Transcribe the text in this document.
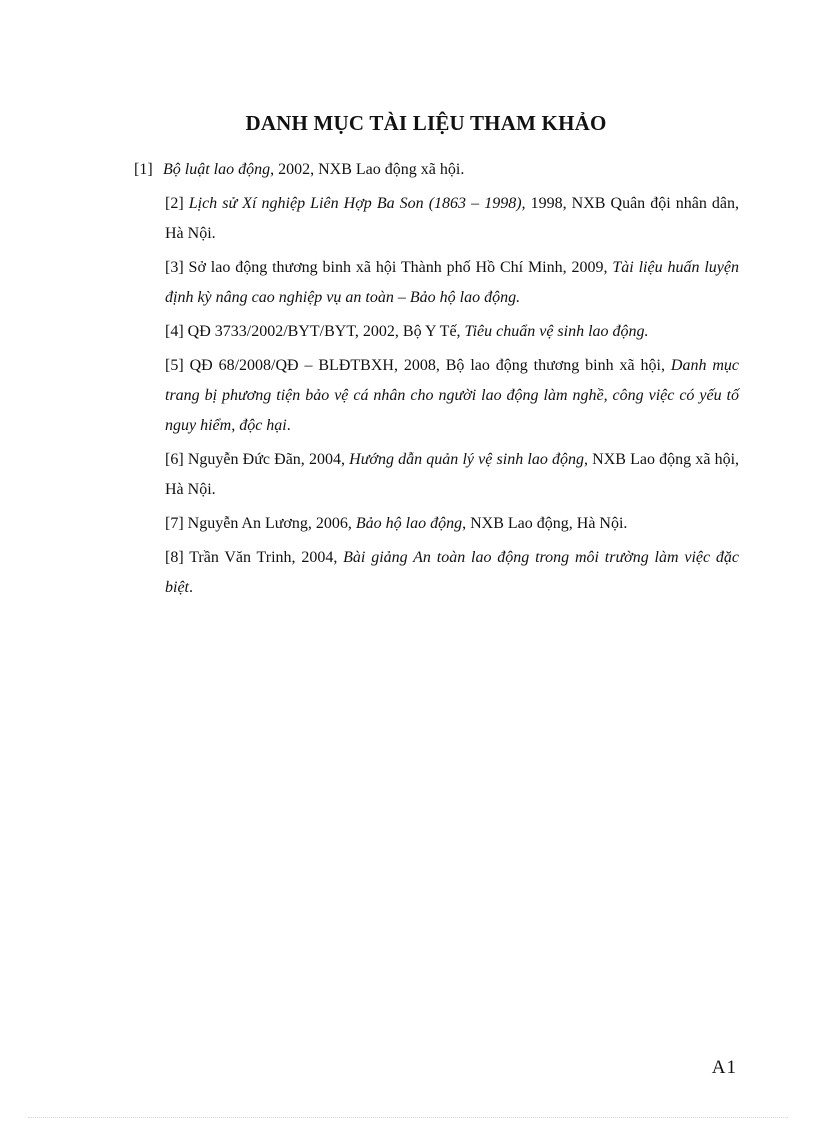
DANH MỤC TÀI LIỆU THAM KHẢO
[1] Bộ luật lao động, 2002, NXB Lao động xã hội.
[2] Lịch sử Xí nghiệp Liên Hợp Ba Son (1863 – 1998), 1998, NXB Quân đội nhân dân, Hà Nội.
[3] Sở lao động thương binh xã hội Thành phố Hồ Chí Minh, 2009, Tài liệu huấn luyện định kỳ nâng cao nghiệp vụ an toàn – Bảo hộ lao động.
[4] QĐ 3733/2002/BYT/BYT, 2002, Bộ Y Tế, Tiêu chuẩn vệ sinh lao động.
[5] QĐ 68/2008/QĐ – BLĐTBXH, 2008, Bộ lao động thương binh xã hội, Danh mục trang bị phương tiện bảo vệ cá nhân cho người lao động làm nghề, công việc có yếu tố nguy hiểm, độc hại.
[6] Nguyễn Đức Đãn, 2004, Hướng dẫn quản lý vệ sinh lao động, NXB Lao động xã hội, Hà Nội.
[7] Nguyễn An Lương, 2006, Bảo hộ lao động, NXB Lao động, Hà Nội.
[8] Trần Văn Trinh, 2004, Bài giảng An toàn lao động trong môi trường làm việc đặc biệt.

A1
